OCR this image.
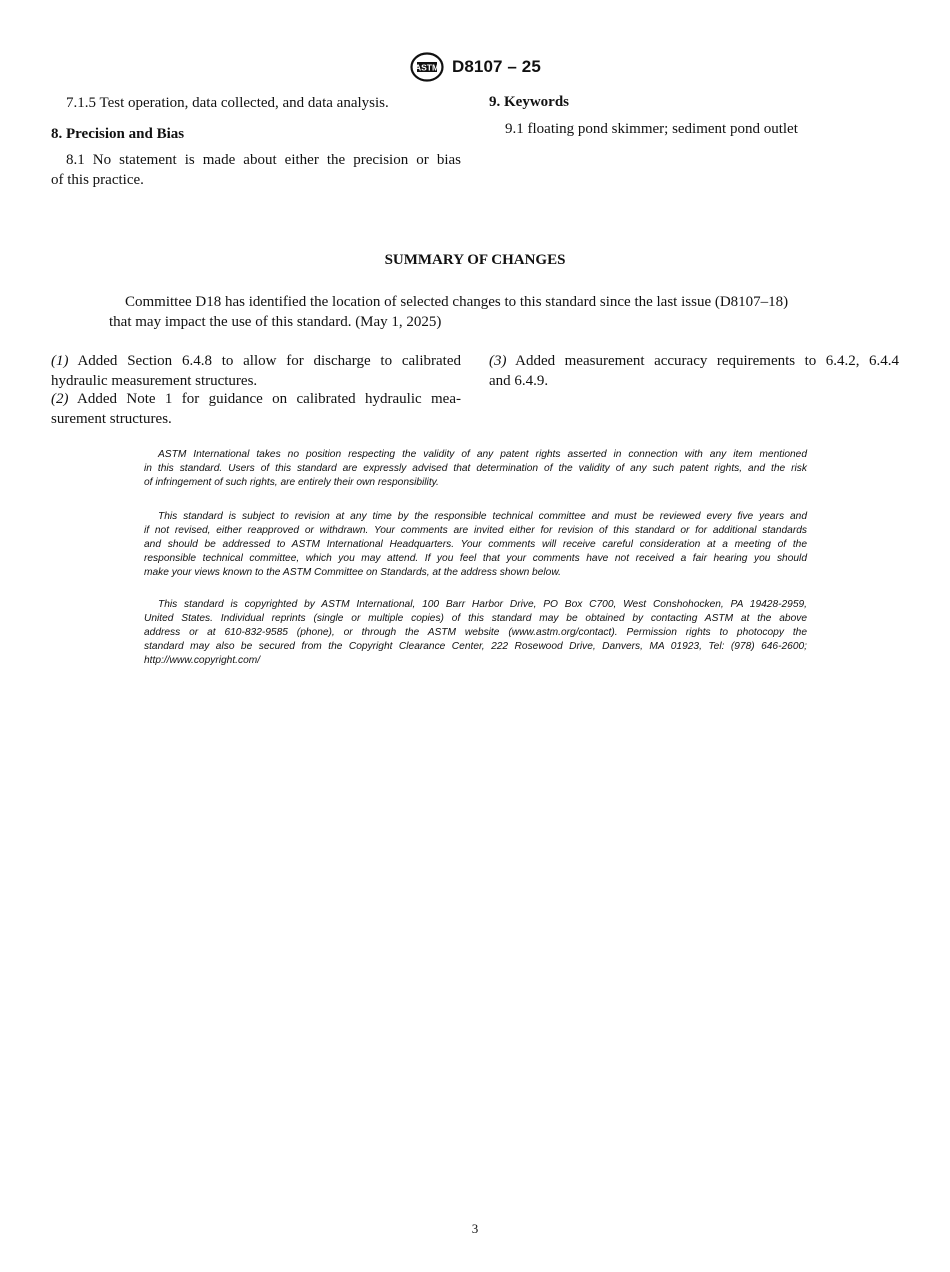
ASTM D8107 – 25
7.1.5 Test operation, data collected, and data analysis.
8. Precision and Bias
8.1 No statement is made about either the precision or bias
of this practice.
9. Keywords
9.1 floating pond skimmer; sediment pond outlet
SUMMARY OF CHANGES
Committee D18 has identified the location of selected changes to this standard since the last issue (D8107–18)
that may impact the use of this standard. (May 1, 2025)
(1) Added Section 6.4.8 to allow for discharge to calibrated
hydraulic measurement structures.
(2) Added Note 1 for guidance on calibrated hydraulic mea-
surement structures.
(3) Added measurement accuracy requirements to 6.4.2, 6.4.4
and 6.4.9.
ASTM International takes no position respecting the validity of any patent rights asserted in connection with any item mentioned
in this standard. Users of this standard are expressly advised that determination of the validity of any such patent rights, and the risk
of infringement of such rights, are entirely their own responsibility.
This standard is subject to revision at any time by the responsible technical committee and must be reviewed every five years and
if not revised, either reapproved or withdrawn. Your comments are invited either for revision of this standard or for additional standards
and should be addressed to ASTM International Headquarters. Your comments will receive careful consideration at a meeting of the
responsible technical committee, which you may attend. If you feel that your comments have not received a fair hearing you should
make your views known to the ASTM Committee on Standards, at the address shown below.
This standard is copyrighted by ASTM International, 100 Barr Harbor Drive, PO Box C700, West Conshohocken, PA 19428-2959,
United States. Individual reprints (single or multiple copies) of this standard may be obtained by contacting ASTM at the above
address or at 610-832-9585 (phone), or through the ASTM website (www.astm.org/contact). Permission rights to photocopy the
standard may also be secured from the Copyright Clearance Center, 222 Rosewood Drive, Danvers, MA 01923, Tel: (978) 646-2600;
http://www.copyright.com/
3
